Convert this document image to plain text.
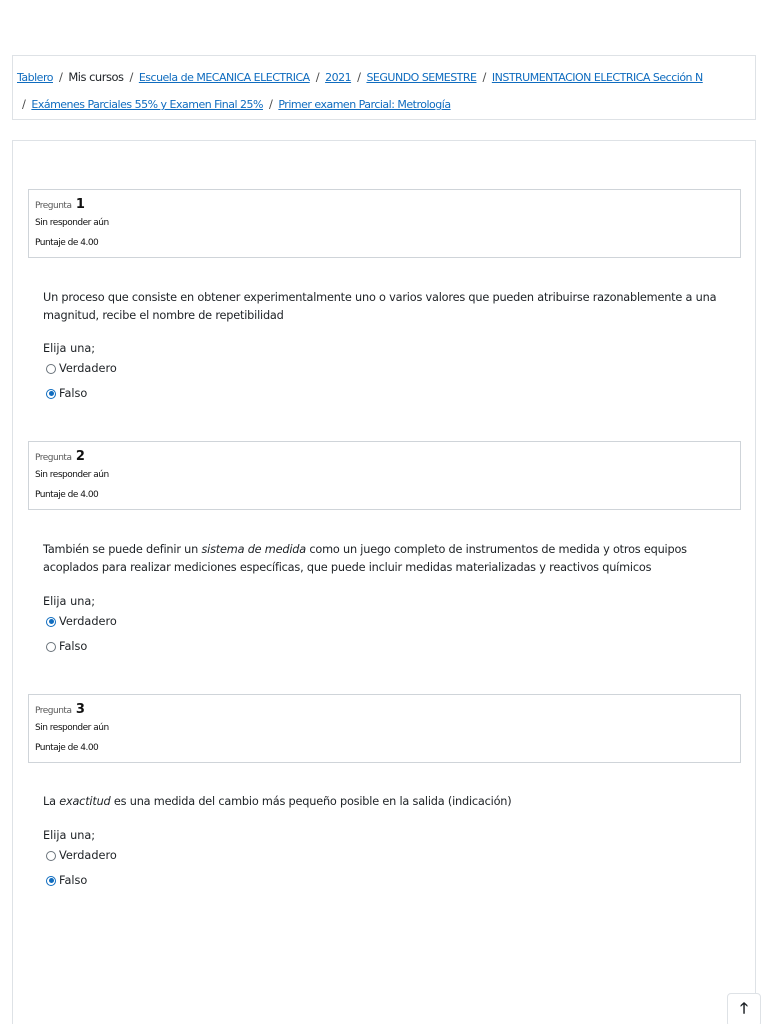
Tablero / Mis cursos / Escuela de MECANICA ELECTRICA / 2021 / SEGUNDO SEMESTRE / INSTRUMENTACION ELECTRICA Sección N
/ Exámenes Parciales 55% y Examen Final 25% / Primer examen Parcial: Metrología
Pregunta 1
Sin responder aún
Puntaje de 4.00
Un proceso que consiste en obtener experimentalmente uno o varios valores que pueden atribuirse razonablemente a una magnitud, recibe el nombre de repetibilidad
Elija una;
Verdadero
Falso
Pregunta 2
Sin responder aún
Puntaje de 4.00
También se puede definir un sistema de medida como un juego completo de instrumentos de medida y otros equipos acoplados para realizar mediciones específicas, que puede incluir medidas materializadas y reactivos químicos
Elija una;
Verdadero
Falso
Pregunta 3
Sin responder aún
Puntaje de 4.00
La exactitud es una medida del cambio más pequeño posible en la salida (indicación)
Elija una;
Verdadero
Falso
🡑
